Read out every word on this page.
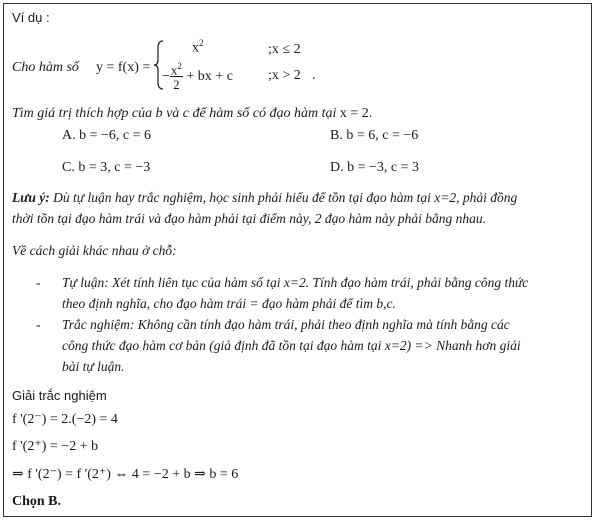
Ví dụ :
Cho hàm số y = f(x) =
$x^2$	;x ≤ 2
− $\frac{x^2}{2}$ + bx + c	;x > 2 .
Tìm giá trị thích hợp của b và c để hàm số có đạo hàm tại x = 2.
A. b = −6, c = 6	B. b = 6, c = −6
C. b = 3, c = −3	D. b = −3, c = 3
Lưu ý: Dù tự luận hay trắc nghiệm, học sinh phải hiểu để tồn tại đạo hàm tại x=2, phải đồng
thời tồn tại đạo hàm trái và đạo hàm phải tại điểm này, 2 đạo hàm này phải bằng nhau.
Về cách giải khác nhau ở chỗ:
- Tự luận: Xét tính liên tục của hàm số tại x=2. Tính đạo hàm trái, phải bằng công thức
theo định nghĩa, cho đạo hàm trái = đạo hàm phải để tìm b,c.
- Trắc nghiệm: Không cần tính đạo hàm trái, phải theo định nghĩa mà tính bằng các
công thức đạo hàm cơ bản (giả định đã tồn tại đạo hàm tại x=2) => Nhanh hơn giải
bài tự luận.
Giải trắc nghiệm
f '(2⁻) = 2.(−2) = 4
f '(2⁺) = −2 + b
⇒ f '(2⁻) = f '(2⁺) ⇔ 4 = −2 + b ⇒ b = 6
Chọn B.
